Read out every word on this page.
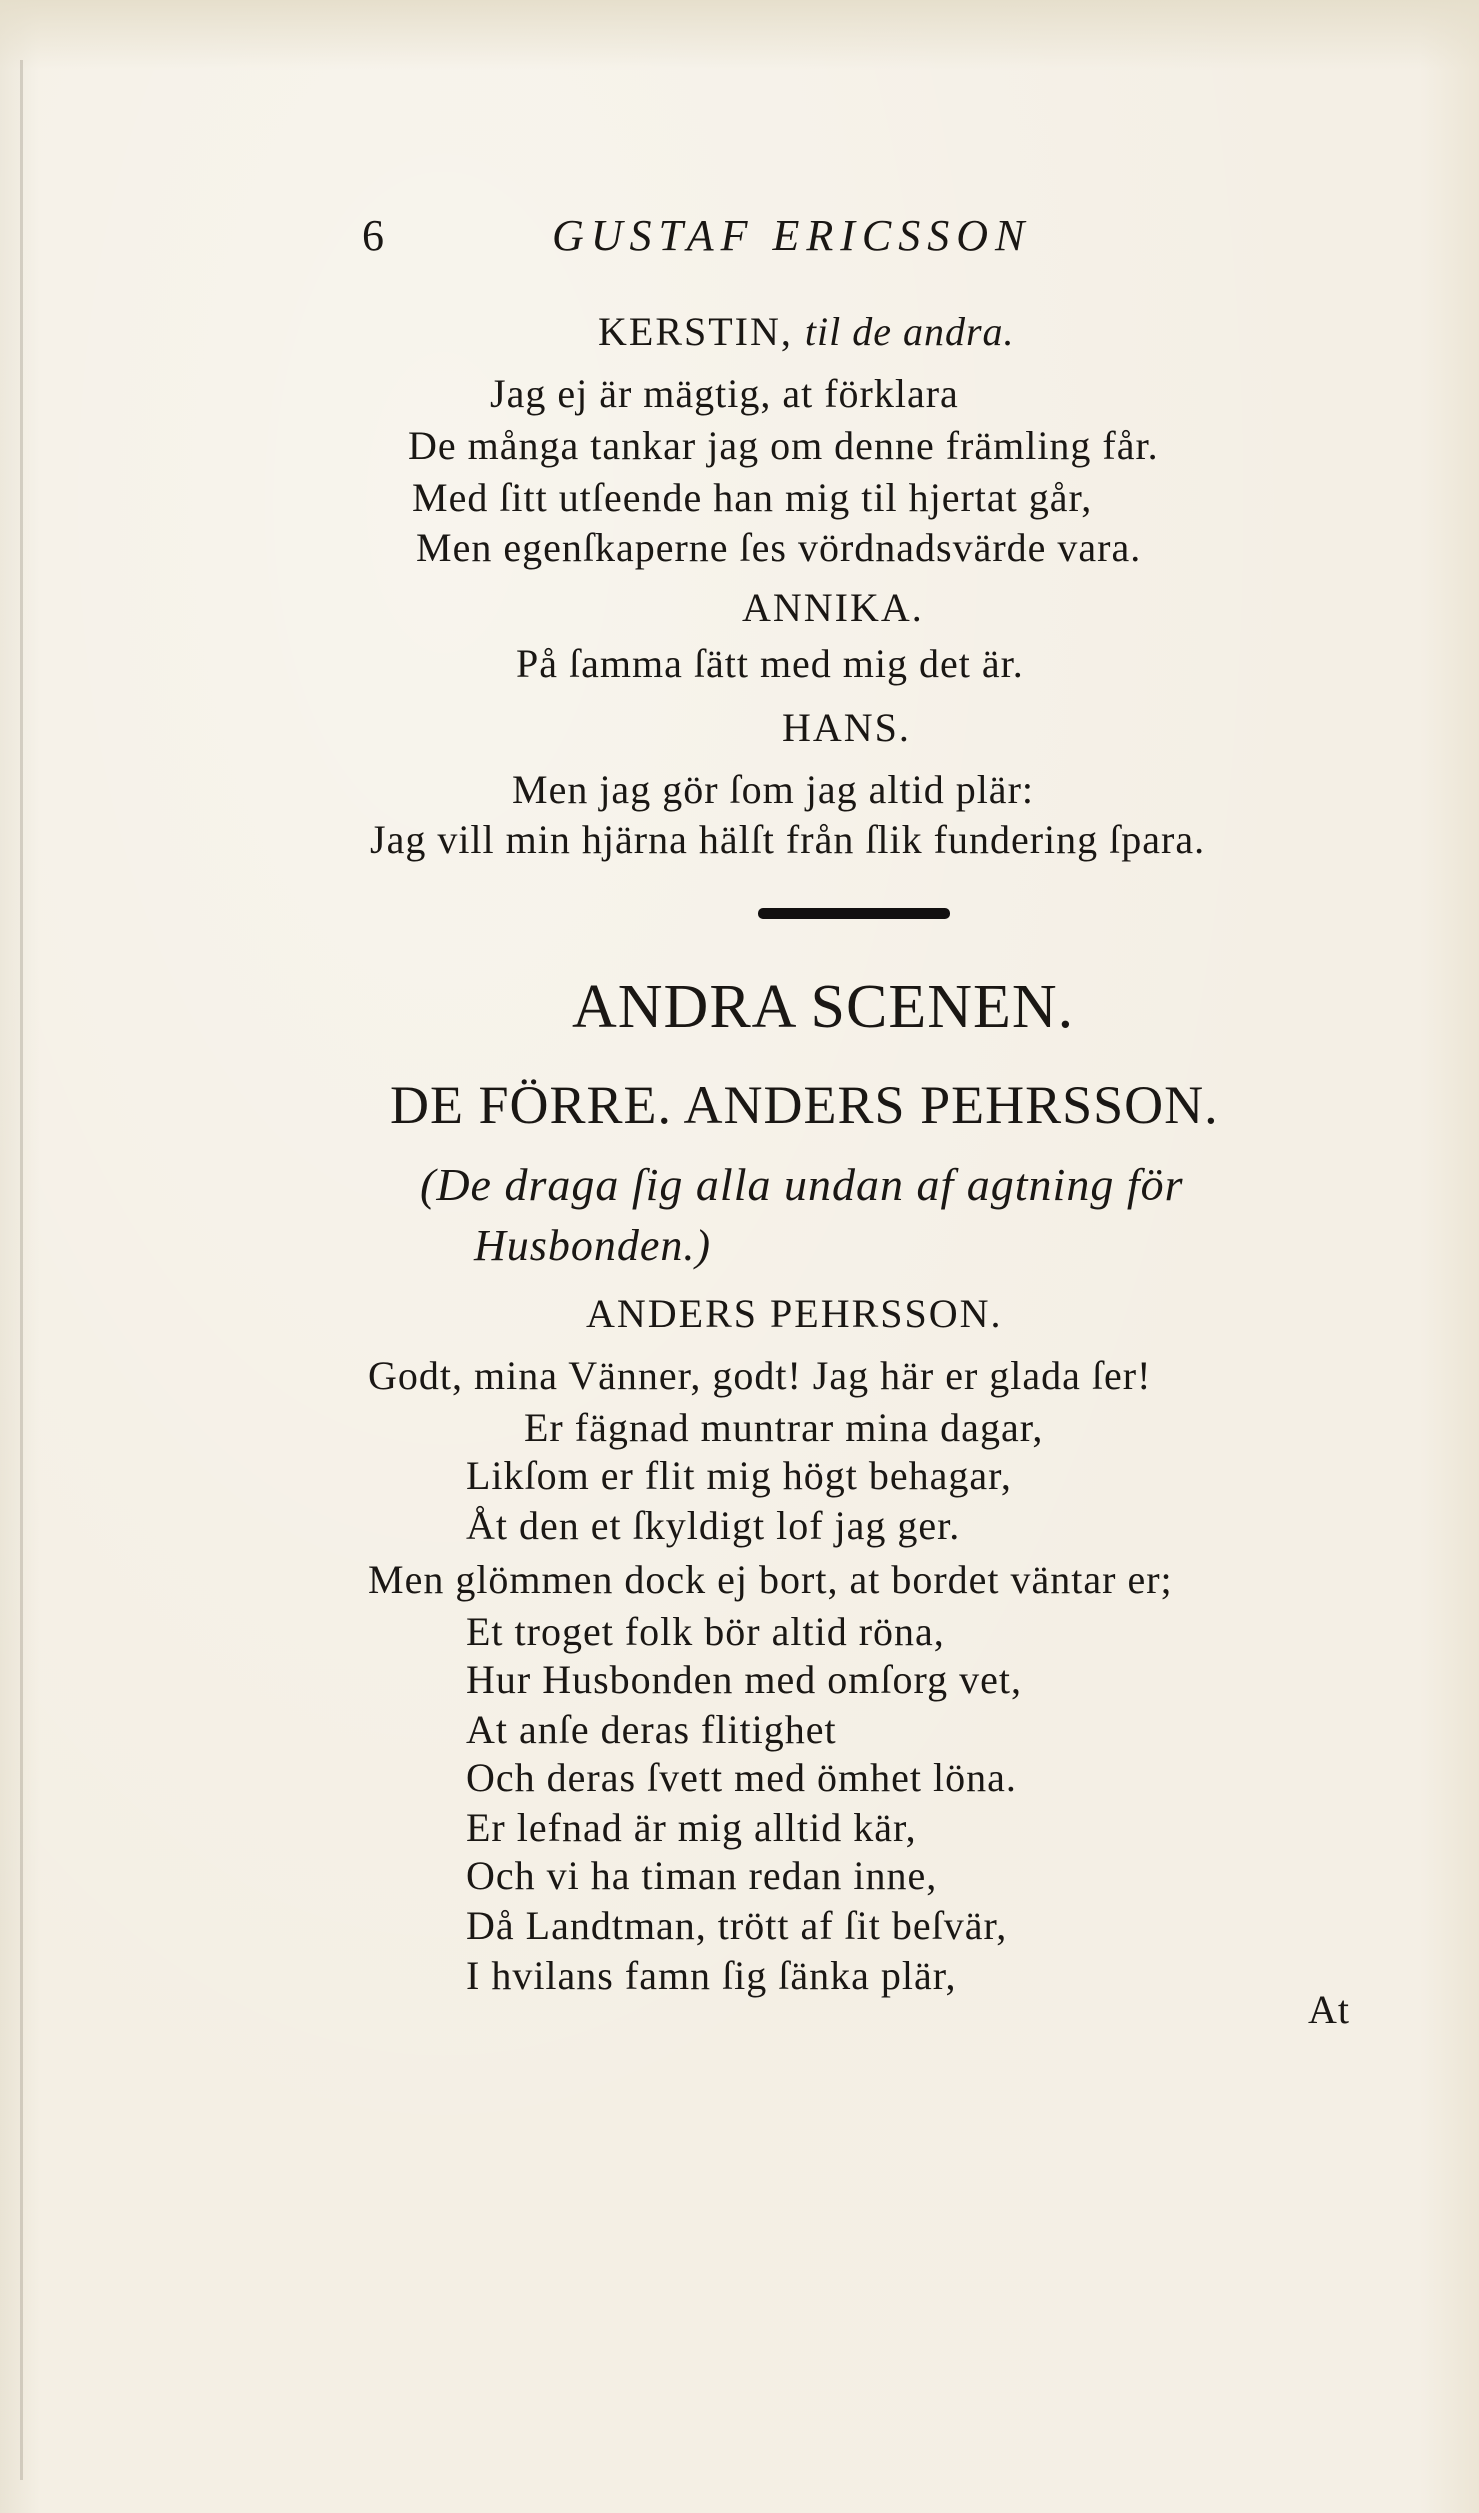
6	GUSTAF ERICSSON
KERSTIN, til de andra.
Jag ej är mägtig, at förklara
De många tankar jag om denne främling får.
Med ſitt utſeende han mig til hjertat går,
Men egenſkaperne ſes vördnadsvärde vara.
ANNIKA.
På ſamma ſätt med mig det är.
HANS.
Men jag gör ſom jag altid plär:
Jag vill min hjärna hälſt från ſlik fundering ſpara.
ANDRA SCENEN.
DE FÖRRE. ANDERS PEHRSSON.
(De draga ſig alla undan af agtning för
Husbonden.)
ANDERS PEHRSSON.
Godt, mina Vänner, godt! Jag här er glada ſer!
Er fägnad muntrar mina dagar,
Likſom er flit mig högt behagar,
Åt den et ſkyldigt lof jag ger.
Men glömmen dock ej bort, at bordet väntar er;
Et troget folk bör altid röna,
Hur Husbonden med omſorg vet,
At anſe deras flitighet
Och deras ſvett med ömhet löna.
Er lefnad är mig alltid kär,
Och vi ha timan redan inne,
Då Landtman, trött af ſit beſvär,
I hvilans famn ſig ſänka plär,
At
